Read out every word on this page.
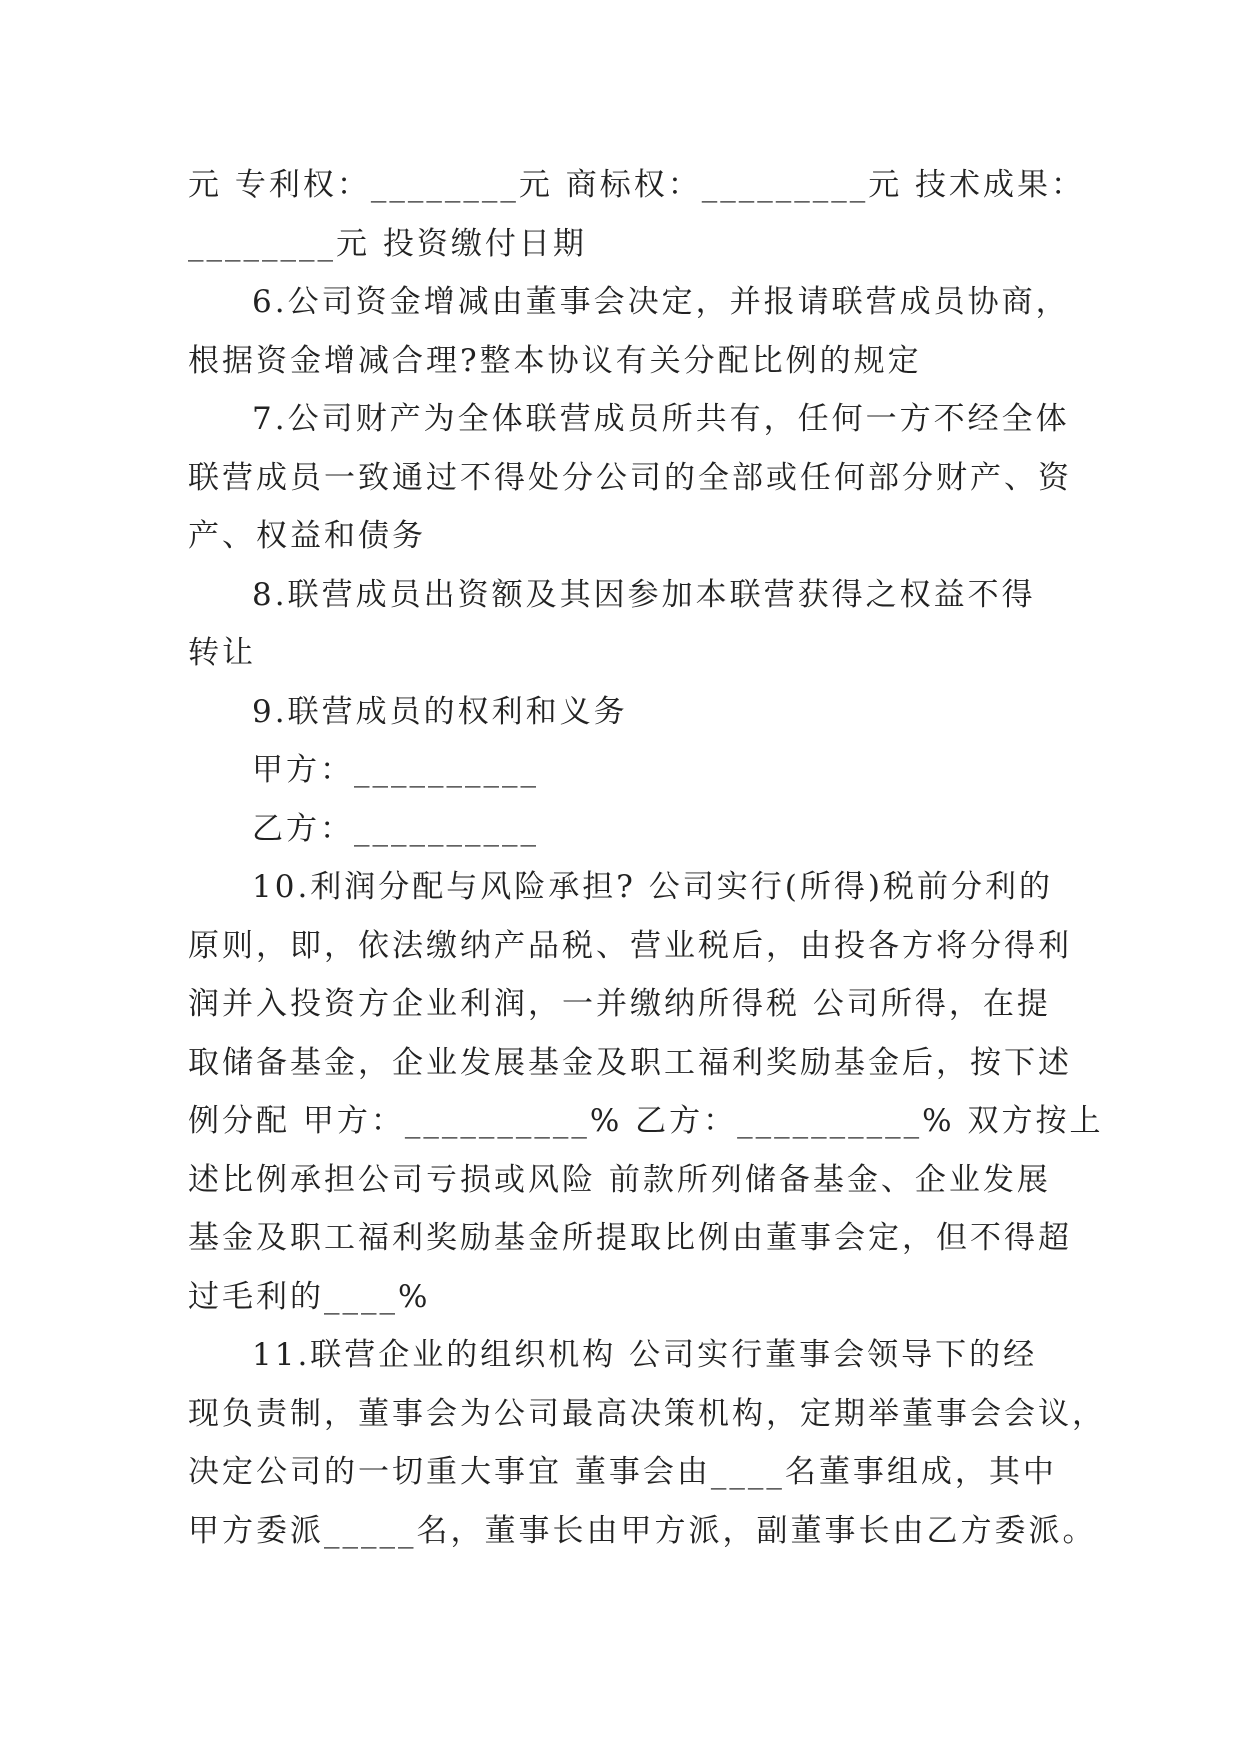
元 专利权：________元 商标权：_________元 技术成果：
________元 投资缴付日期
6.公司资金增减由董事会决定，并报请联营成员协商，
根据资金增减合理?整本协议有关分配比例的规定
7.公司财产为全体联营成员所共有，任何一方不经全体
联营成员一致通过不得处分公司的全部或任何部分财产、资
产、权益和债务
8.联营成员出资额及其因参加本联营获得之权益不得
转让
9.联营成员的权利和义务
甲方：__________
乙方：__________
10.利润分配与风险承担? 公司实行(所得)税前分利的
原则，即，依法缴纳产品税、营业税后，由投各方将分得利
润并入投资方企业利润，一并缴纳所得税 公司所得，在提
取储备基金，企业发展基金及职工福利奖励基金后，按下述
例分配 甲方：__________% 乙方：__________% 双方按上
述比例承担公司亏损或风险 前款所列储备基金、企业发展
基金及职工福利奖励基金所提取比例由董事会定，但不得超
过毛利的____%
11.联营企业的组织机构 公司实行董事会领导下的经
现负责制，董事会为公司最高决策机构，定期举董事会会议，
决定公司的一切重大事宜 董事会由____名董事组成，其中
甲方委派_____名，董事长由甲方派，副董事长由乙方委派。
